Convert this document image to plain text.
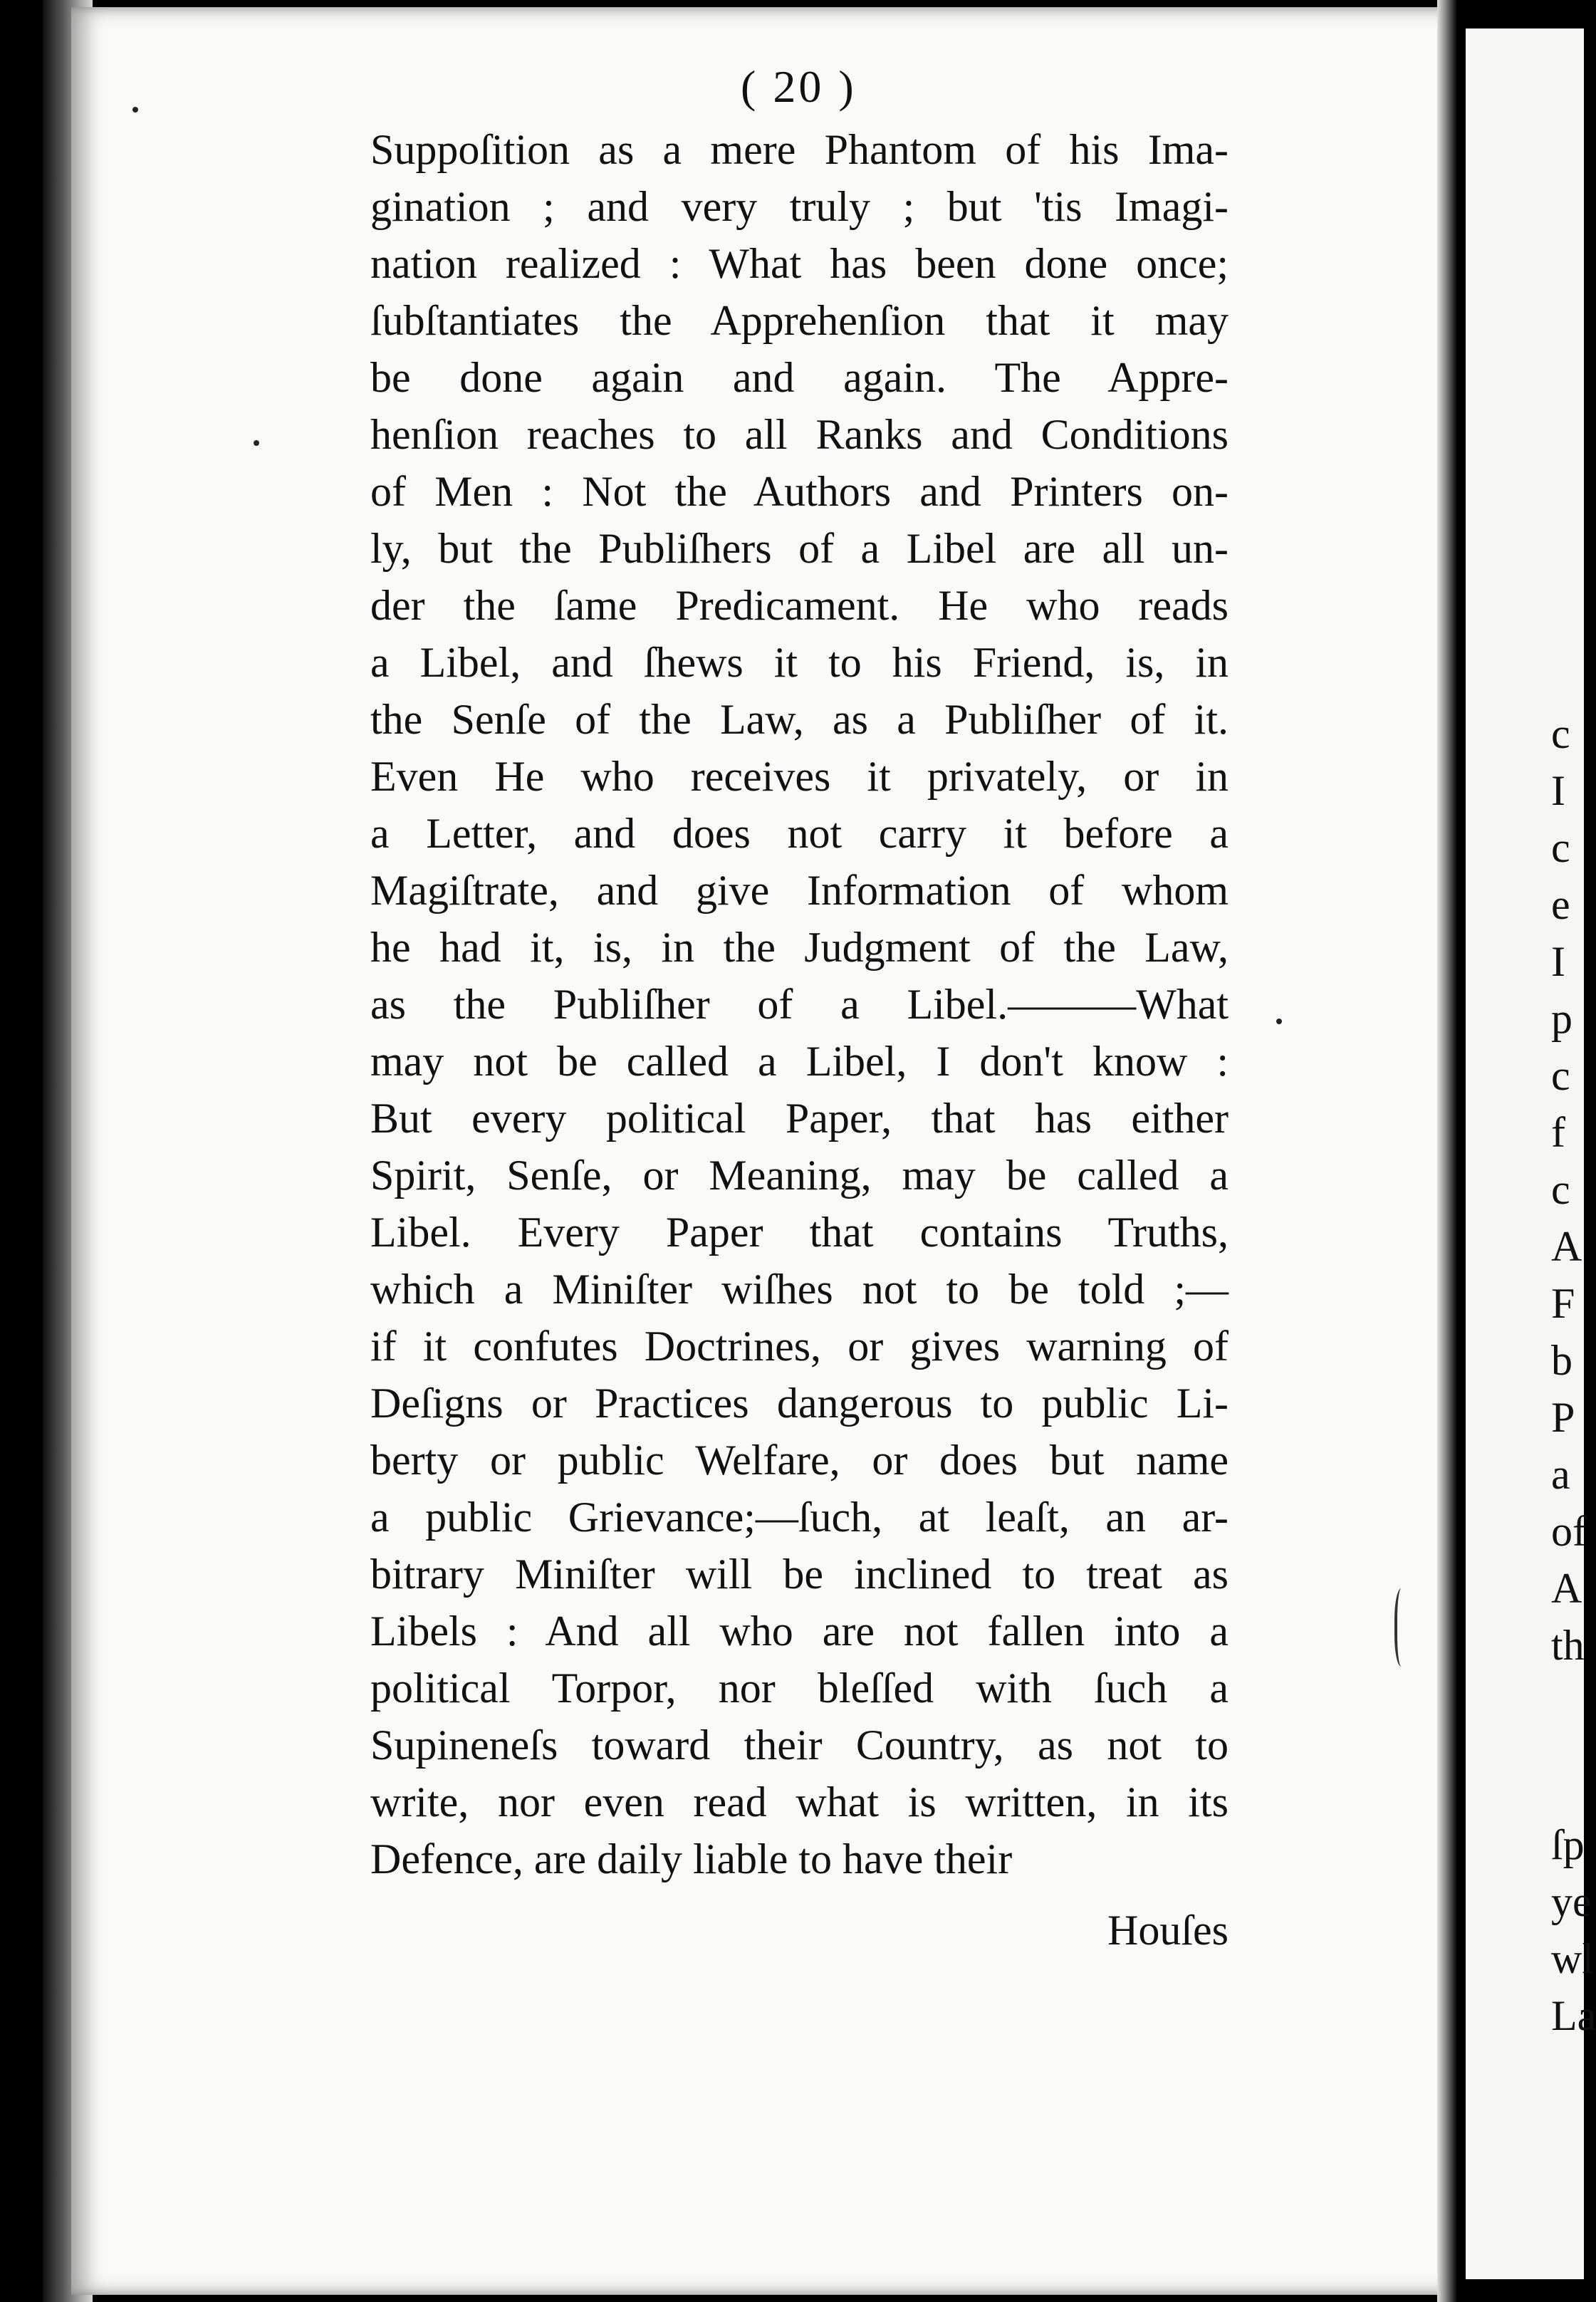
c
I
c
e
I
p
c
f
c
A
F
b
P
a
of
A
th
ſp
ye
wl
La
( 20 )
Suppoſition as a mere Phantom of his Ima-
gination ; and very truly ; but 'tis Imagi-
nation realized : What has been done once;
ſubſtantiates the Apprehenſion that it may
be done again and again. The Appre-
henſion reaches to all Ranks and Conditions
of Men : Not the Authors and Printers on-
ly, but the Publiſhers of a Libel are all un-
der the ſame Predicament. He who reads
a Libel, and ſhews it to his Friend, is, in
the Senſe of the Law, as a Publiſher of it.
Even He who receives it privately, or in
a Letter, and does not carry it before a
Magiſtrate, and give Information of whom
he had it, is, in the Judgment of the Law,
as the Publiſher of a Libel.———What
may not be called a Libel, I don't know :
But every political Paper, that has either
Spirit, Senſe, or Meaning, may be called a
Libel. Every Paper that contains Truths,
which a Miniſter wiſhes not to be told ;—
if it confutes Doctrines, or gives warning of
Deſigns or Practices dangerous to public Li-
berty or public Welfare, or does but name
a public Grievance;—ſuch, at leaſt, an ar-
bitrary Miniſter will be inclined to treat as
Libels : And all who are not fallen into a
political Torpor, nor bleſſed with ſuch a
Supineneſs toward their Country, as not to
write, nor even read what is written, in its
Defence, are daily liable to have their
Houſes
